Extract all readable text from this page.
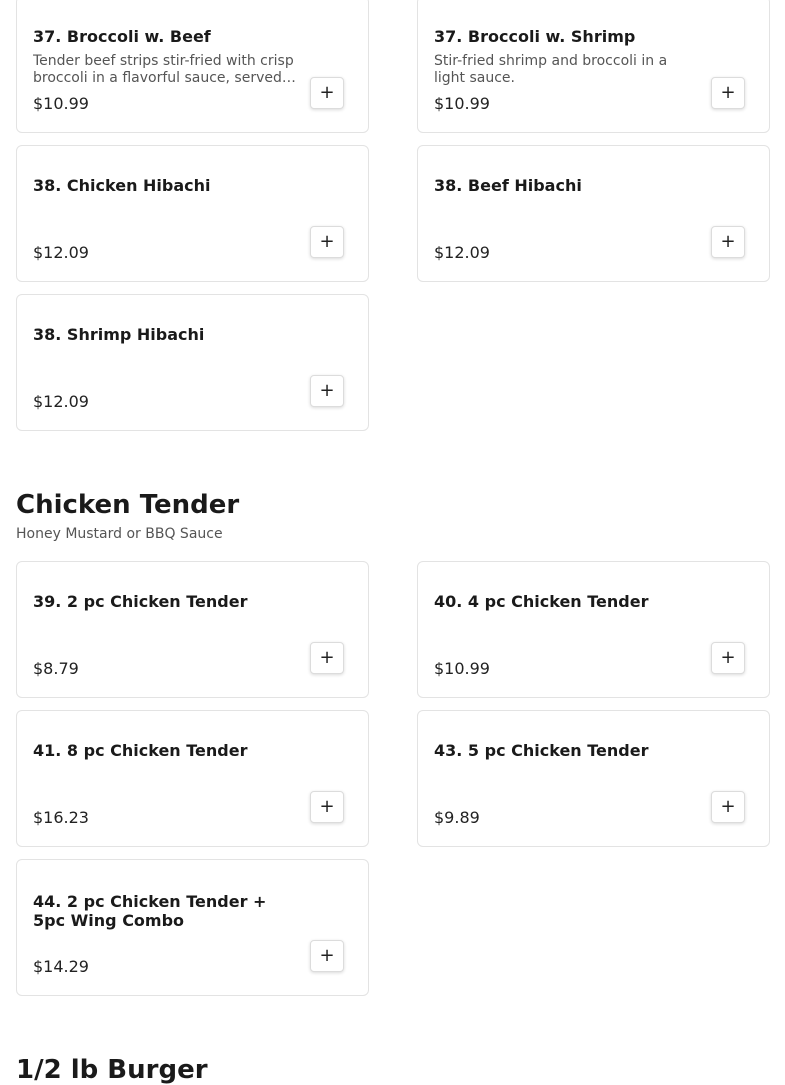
37. Broccoli w. Beef
Tender beef strips stir-fried with crisp broccoli in a flavorful sauce, served
$10.99
+
37. Broccoli w. Shrimp
Stir-fried shrimp and broccoli in a light sauce.
$10.99
+
38. Chicken Hibachi
$12.09
+
38. Beef Hibachi
$12.09
+
38. Shrimp Hibachi
$12.09
+
Chicken Tender
Honey Mustard or BBQ Sauce
39. 2 pc Chicken Tender
$8.79
+
40. 4 pc Chicken Tender
$10.99
+
41. 8 pc Chicken Tender
$16.23
+
43. 5 pc Chicken Tender
$9.89
+
44. 2 pc Chicken Tender + 5pc Wing Combo
$14.29
+
1/2 lb Burger
